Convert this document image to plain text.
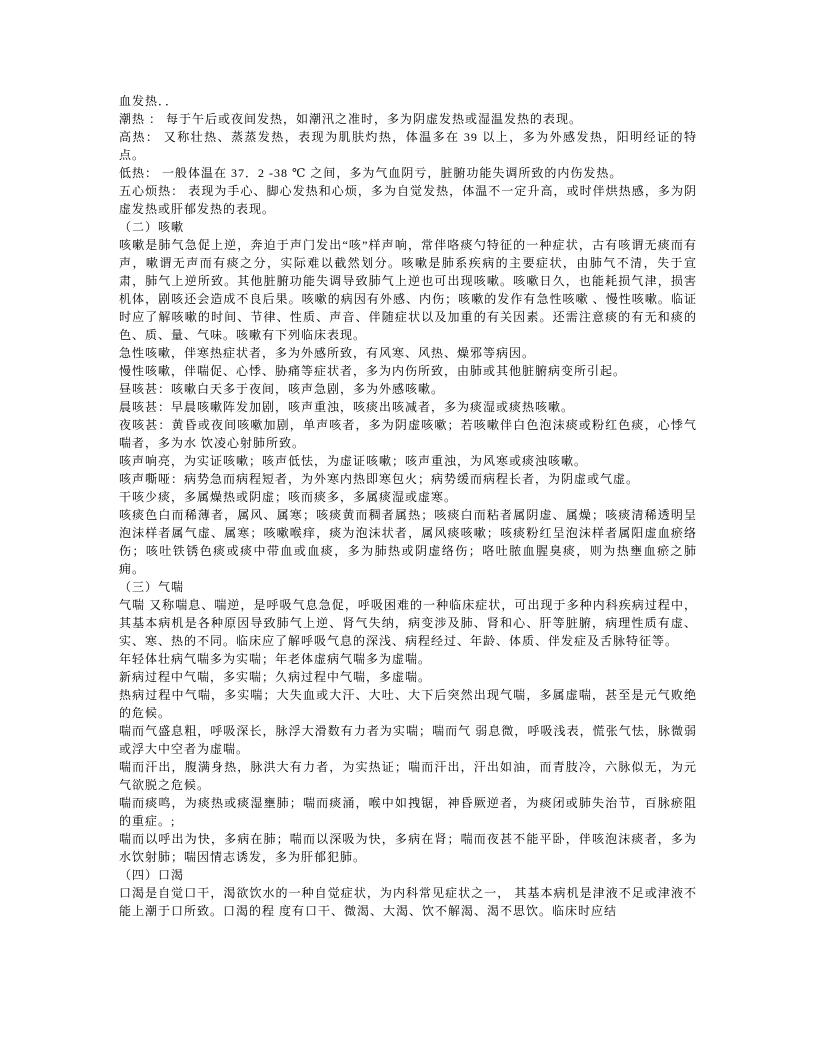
血发热．．

潮热 ： 每于午后或夜间发热，如潮汛之准时，多为阴虚发热或湿温发热的表现。

高热： 又称壮热、蒸蒸发热，表现为肌肤灼热，体温多在 39 以上，多为外感发热，阳明经证的特点。

低热： 一般体温在 37．2 -38 ℃ 之间，多为气血阴亏，脏腑功能失调所致的内伤发热。

五心烦热： 表现为手心、脚心发热和心烦，多为自觉发热，体温不一定升高，或时伴烘热感，多为阴虚发热或肝郁发热的表现。

（二）咳嗽

咳嗽是肺气急促上逆，奔迫于声门发出“咳”样声响，常伴咯痰勺特征的一种症状，古有咳谓无痰而有声，嗽谓无声而有痰之分，实际难以截然划分。咳嗽是肺系疾病的主要症状，由肺气不清，失于宣肃，肺气上逆所致。其他脏腑功能失调导致肺气上逆也可出现咳嗽。咳嗽日久，也能耗损气津，损害机体，剧咳还会造成不良后果。咳嗽的病因有外感、内伤；咳嗽的发作有急性咳嗽 、慢性咳嗽。临证时应了解咳嗽的时间、节律、性质、声音、伴随症状以及加重的有关因素。还需注意痰的有无和痰的色、质、量、气味。咳嗽有下列临床表现。

急性咳嗽，伴寒热症状者，多为外感所致，有风寒、风热、燥邪等病因。

慢性咳嗽，伴喘促、心悸、胁痛等症状者，多为内伤所致，由肺或其他脏腑病变所引起。

昼咳甚：咳嗽白天多于夜间，咳声急剧，多为外感咳嗽。

晨咳甚：早晨咳嗽阵发加剧，咳声重浊，咳痰出咳减者，多为痰湿或痰热咳嗽。

夜咳甚：黄昏或夜间咳嗽加剧，单声咳者，多为阴虚咳嗽；若咳嗽伴白色泡沫痰或粉红色痰，心悸气喘者，多为水 饮凌心射肺所致。

咳声响亮，为实证咳嗽；咳声低怯，为虚证咳嗽；咳声重浊，为风寒或痰浊咳嗽。

咳声嘶哑：病势急而病程短者，为外寒内热即寒包火；病势缓而病程长者，为阴虚或气虚。

干咳少痰，多属燥热或阴虚；咳而痰多，多属痰湿或虚寒。

咳痰色白而稀薄者，属风、属寒；咳痰黄而稠者属热；咳痰白而粘者属阴虚、属燥；咳痰清稀透明呈泡沫样者属气虚、属寒；咳嗽喉痒，痰为泡沫状者，属风痰咳嗽；咳痰粉红呈泡沫样者属阳虚血瘀络伤；咳吐铁锈色痰或痰中带血或血痰，多为肺热或阴虚络伤；咯吐脓血腥臭痰，则为热壅血瘀之肺痈。

（三）气喘

气喘 又称喘息、喘逆，是呼吸气息急促，呼吸困难的一种临床症状，可出现于多种内科疾病过程中，其基本病机是各种原因导致肺气上逆、肾气失纳，病变涉及肺、肾和心、肝等脏腑，病理性质有虚、实、寒、热的不同。临床应了解呼吸气息的深浅、病程经过、年龄、体质、伴发症及舌脉特征等。

年轻体壮病气喘多为实喘；年老体虚病气喘多为虚喘。

新病过程中气喘，多实喘；久病过程中气喘，多虚喘。

热病过程中气喘，多实喘；大失血或大汗、大吐、大下后突然出现气喘，多属虚喘，甚至是元气败绝的危候。

喘而气盛息粗，呼吸深长，脉浮大滑数有力者为实喘；喘而气 弱息微，呼吸浅表，慌张气怯，脉微弱或浮大中空者为虚喘。

喘而汗出，腹满身热，脉洪大有力者，为实热证；喘而汗出，汗出如油，而青肢冷，六脉似无，为元气欲脱之危候。

喘而痰鸣，为痰热或痰湿壅肺；喘而痰涌，喉中如拽锯，神昏厥逆者，为痰闭或肺失治节，百脉瘀阻的重症。;

喘而以呼出为快，多病在肺；喘而以深吸为快，多病在肾；喘而夜甚不能平卧，伴咳泡沫痰者，多为水饮射肺；喘因情志诱发，多为肝郁犯肺。

（四）口渴

口渴是自觉口干，渴欲饮水的一种自觉症状，为内科常见症状之一， 其基本病机是津液不足或津液不能上潮于口所致。口渴的程 度有口干、微渴、大渴、饮不解渴、渴不思饮。临床时应结
